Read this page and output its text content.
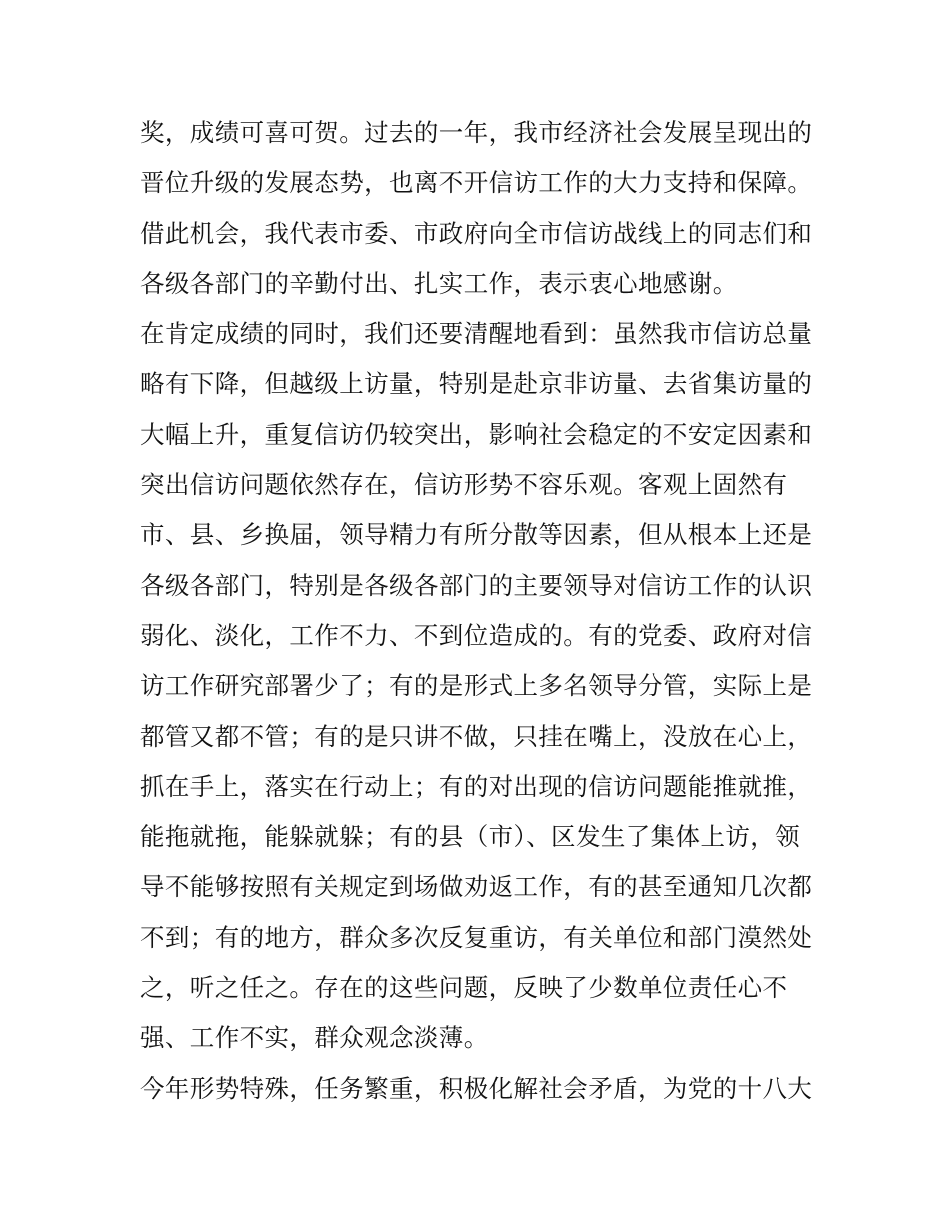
奖，成绩可喜可贺。过去的一年，我市经济社会发展呈现出的
晋位升级的发展态势，也离不开信访工作的大力支持和保障。
借此机会，我代表市委、市政府向全市信访战线上的同志们和
各级各部门的辛勤付出、扎实工作，表示衷心地感谢。
在肯定成绩的同时，我们还要清醒地看到：虽然我市信访总量
略有下降，但越级上访量，特别是赴京非访量、去省集访量的
大幅上升，重复信访仍较突出，影响社会稳定的不安定因素和
突出信访问题依然存在，信访形势不容乐观。客观上固然有
市、县、乡换届，领导精力有所分散等因素，但从根本上还是
各级各部门，特别是各级各部门的主要领导对信访工作的认识
弱化、淡化，工作不力、不到位造成的。有的党委、政府对信
访工作研究部署少了；有的是形式上多名领导分管，实际上是
都管又都不管；有的是只讲不做，只挂在嘴上，没放在心上，
抓在手上，落实在行动上；有的对出现的信访问题能推就推，
能拖就拖，能躲就躲；有的县（市）、区发生了集体上访，领
导不能够按照有关规定到场做劝返工作，有的甚至通知几次都
不到；有的地方，群众多次反复重访，有关单位和部门漠然处
之，听之任之。存在的这些问题，反映了少数单位责任心不
强、工作不实，群众观念淡薄。
今年形势特殊，任务繁重，积极化解社会矛盾，为党的十八大
